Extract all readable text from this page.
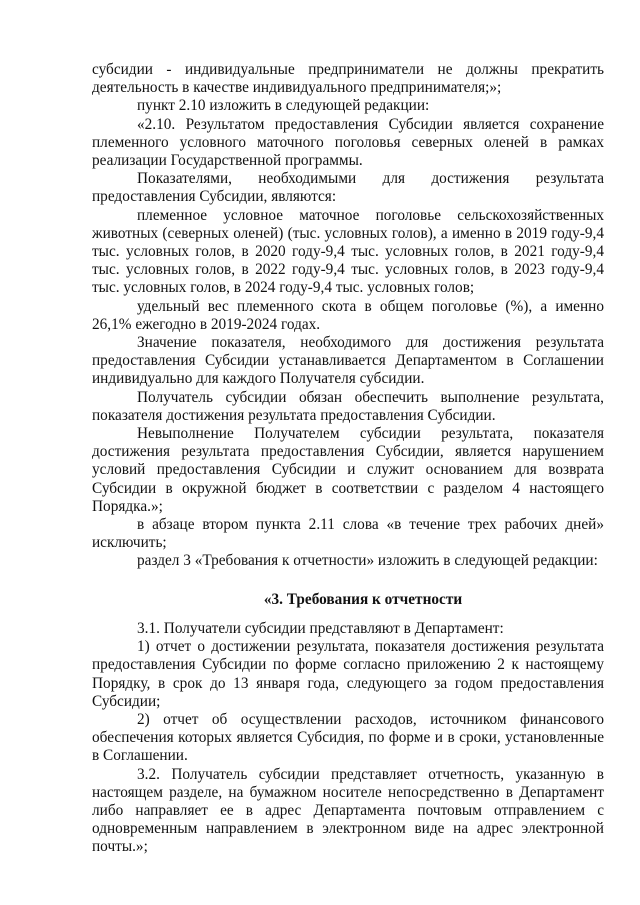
субсидии - индивидуальные предприниматели не должны прекратить деятельность в качестве индивидуального предпринимателя;»;

пункт 2.10 изложить в следующей редакции:

«2.10. Результатом предоставления Субсидии является сохранение племенного условного маточного поголовья северных оленей в рамках реализации Государственной программы.

Показателями, необходимыми для достижения результата предоставления Субсидии, являются:

племенное условное маточное поголовье сельскохозяйственных животных (северных оленей) (тыс. условных голов), а именно в 2019 году-9,4 тыс. условных голов, в 2020 году-9,4 тыс. условных голов, в 2021 году-9,4 тыс. условных голов, в 2022 году-9,4 тыс. условных голов, в 2023 году-9,4 тыс. условных голов, в 2024 году-9,4 тыс. условных голов;

удельный вес племенного скота в общем поголовье (%), а именно 26,1% ежегодно в 2019-2024 годах.

Значение показателя, необходимого для достижения результата предоставления Субсидии устанавливается Департаментом в Соглашении индивидуально для каждого Получателя субсидии.

Получатель субсидии обязан обеспечить выполнение результата, показателя достижения результата предоставления Субсидии.

Невыполнение Получателем субсидии результата, показателя достижения результата предоставления Субсидии, является нарушением условий предоставления Субсидии и служит основанием для возврата Субсидии в окружной бюджет в соответствии с разделом 4 настоящего Порядка.»;

в абзаце втором пункта 2.11 слова «в течение трех рабочих дней» исключить;

раздел 3 «Требования к отчетности» изложить в следующей редакции:

«3. Требования к отчетности

3.1. Получатели субсидии представляют в Департамент:

1) отчет о достижении результата, показателя достижения результата предоставления Субсидии по форме согласно приложению 2 к настоящему Порядку, в срок до 13 января года, следующего за годом предоставления Субсидии;

2) отчет об осуществлении расходов, источником финансового обеспечения которых является Субсидия, по форме и в сроки, установленные в Соглашении.

3.2. Получатель субсидии представляет отчетность, указанную в настоящем разделе, на бумажном носителе непосредственно в Департамент либо направляет ее в адрес Департамента почтовым отправлением с одновременным направлением в электронном виде на адрес электронной почты.»;
